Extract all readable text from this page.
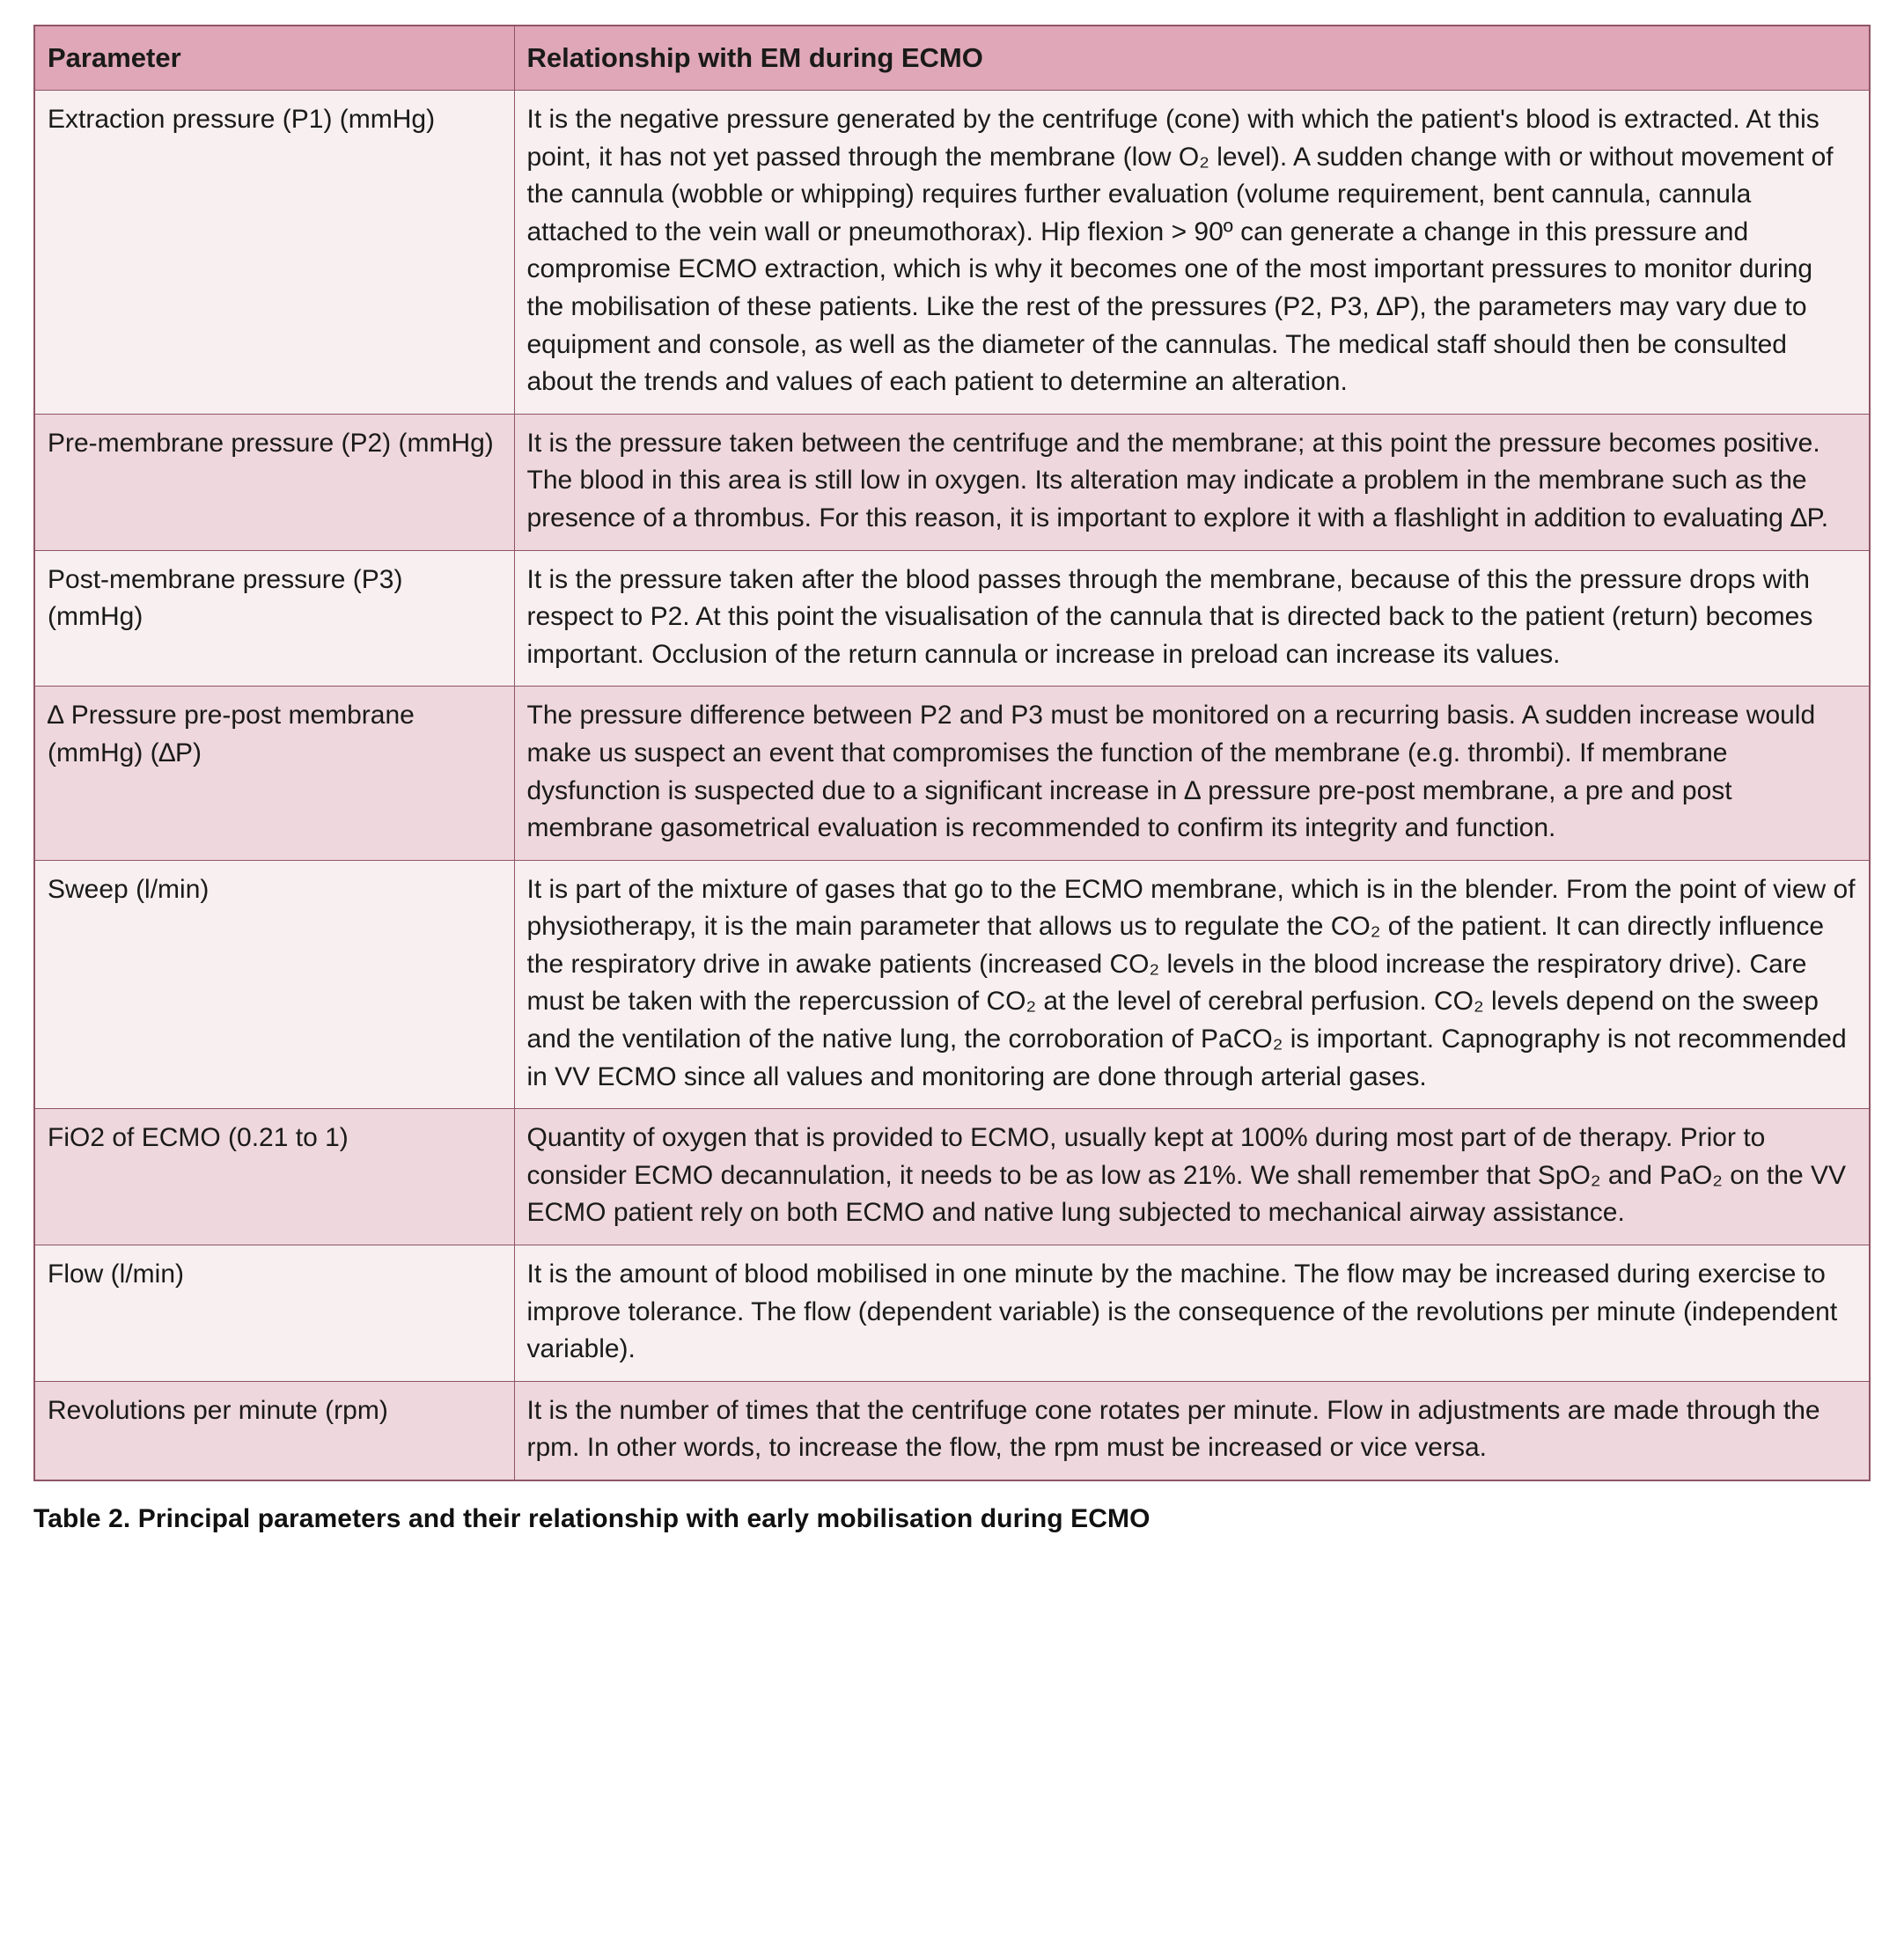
Parameter	Relationship with EM during ECMO
Extraction pressure (P1) (mmHg)	It is the negative pressure generated by the centrifuge (cone) with which the patient's blood is extracted. At this point, it has not yet passed through the membrane (low O₂ level). A sudden change with or without movement of the cannula (wobble or whipping) requires further evaluation (volume requirement, bent cannula, cannula attached to the vein wall or pneumothorax). Hip flexion > 90º can generate a change in this pressure and compromise ECMO extraction, which is why it becomes one of the most important pressures to monitor during the mobilisation of these patients. Like the rest of the pressures (P2, P3, ∆P), the parameters may vary due to equipment and console, as well as the diameter of the cannulas. The medical staff should then be consulted about the trends and values of each patient to determine an alteration.
Pre-membrane pressure (P2) (mmHg)	It is the pressure taken between the centrifuge and the membrane; at this point the pressure becomes positive. The blood in this area is still low in oxygen. Its alteration may indicate a problem in the membrane such as the presence of a thrombus. For this reason, it is important to explore it with a flashlight in addition to evaluating ∆P.
Post-membrane pressure (P3) (mmHg)	It is the pressure taken after the blood passes through the membrane, because of this the pressure drops with respect to P2. At this point the visualisation of the cannula that is directed back to the patient (return) becomes important. Occlusion of the return cannula or increase in preload can increase its values.
∆ Pressure pre-post membrane (mmHg) (∆P)	The pressure difference between P2 and P3 must be monitored on a recurring basis. A sudden increase would make us suspect an event that compromises the function of the membrane (e.g. thrombi). If membrane dysfunction is suspected due to a significant increase in ∆ pressure pre-post membrane, a pre and post membrane gasometrical evaluation is recommended to confirm its integrity and function.
Sweep (l/min)	It is part of the mixture of gases that go to the ECMO membrane, which is in the blender. From the point of view of physiotherapy, it is the main parameter that allows us to regulate the CO₂ of the patient. It can directly influence the respiratory drive in awake patients (increased CO₂ levels in the blood increase the respiratory drive). Care must be taken with the repercussion of CO₂ at the level of cerebral perfusion. CO₂ levels depend on the sweep and the ventilation of the native lung, the corroboration of PaCO₂ is important. Capnography is not recommended in VV ECMO since all values and monitoring are done through arterial gases.
FiO2 of ECMO (0.21 to 1)	Quantity of oxygen that is provided to ECMO, usually kept at 100% during most part of de therapy. Prior to consider ECMO decannulation, it needs to be as low as 21%. We shall remember that SpO₂ and PaO₂ on the VV ECMO patient rely on both ECMO and native lung subjected to mechanical airway assistance.
Flow (l/min)	It is the amount of blood mobilised in one minute by the machine. The flow may be increased during exercise to improve tolerance. The flow (dependent variable) is the consequence of the revolutions per minute (independent variable).
Revolutions per minute (rpm)	It is the number of times that the centrifuge cone rotates per minute. Flow in adjustments are made through the rpm. In other words, to increase the flow, the rpm must be increased or vice versa.
Table 2. Principal parameters and their relationship with early mobilisation during ECMO
